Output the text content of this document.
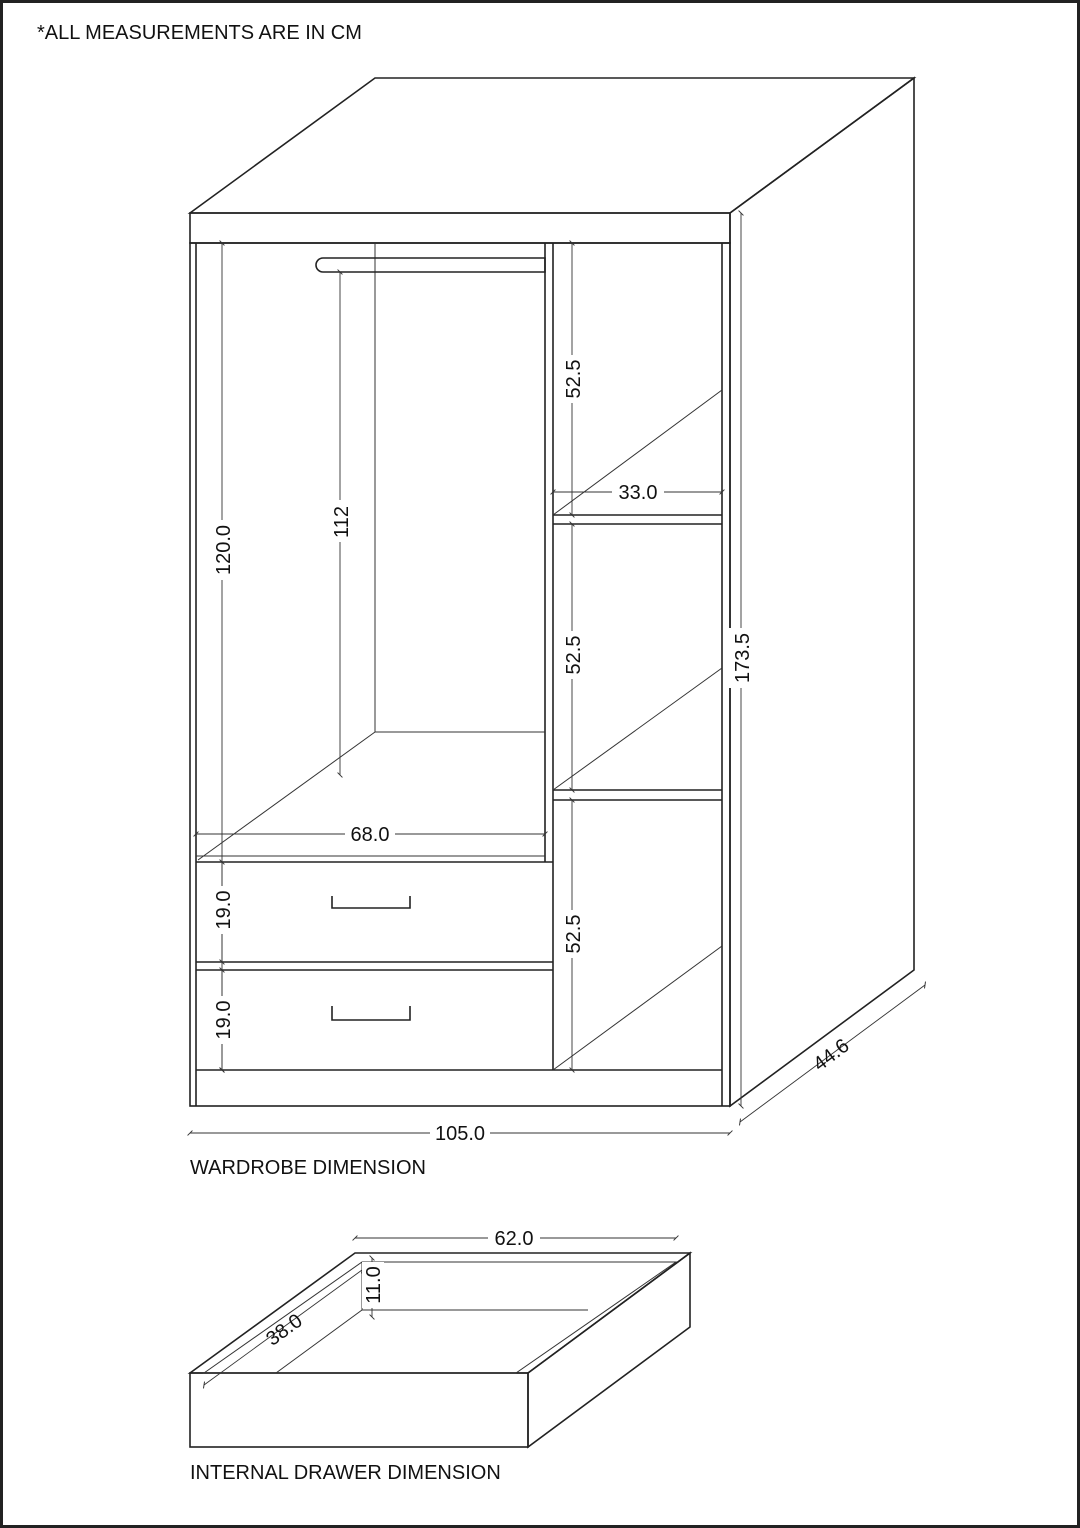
*ALL MEASUREMENTS ARE IN CM
WARDROBE DIMENSION
INTERNAL DRAWER DIMENSION
120.0
112
68.0
19.0
19.0
52.5
52.5
52.5
33.0
173.5
105.0
44.6
62.0
11.0
38.0
